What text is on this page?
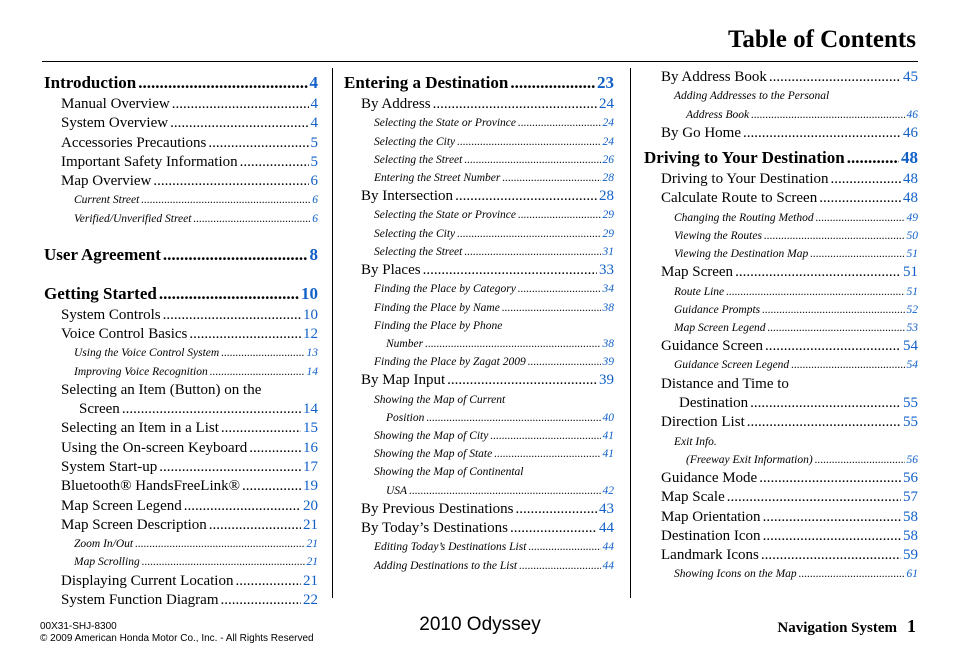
Table of Contents
Introduction .....	4
Manual Overview .....	4
System Overview .....	4
Accessories Precautions .....	5
Important Safety Information .....	5
Map Overview .....	6
Current Street .....	6
Verified/Unverified Street .....	6
User Agreement .....	8
Getting Started .....	10
System Controls .....	10
Voice Control Basics .....	12
Using the Voice Control System .....	13
Improving Voice Recognition .....	14
Selecting an Item (Button) on the
Screen .....	14
Selecting an Item in a List .....	15
Using the On-screen Keyboard .....	16
System Start-up .....	17
Bluetooth® HandsFreeLink® .....	19
Map Screen Legend .....	20
Map Screen Description .....	21
Zoom In/Out .....	21
Map Scrolling .....	21
Displaying Current Location .....	21
System Function Diagram .....	22
Entering a Destination .....	23
By Address .....	24
Selecting the State or Province .....	24
Selecting the City .....	24
Selecting the Street .....	26
Entering the Street Number .....	28
By Intersection .....	28
Selecting the State or Province .....	29
Selecting the City .....	29
Selecting the Street .....	31
By Places .....	33
Finding the Place by Category .....	34
Finding the Place by Name .....	38
Finding the Place by Phone
Number .....	38
Finding the Place by Zagat 2009 .....	39
By Map Input .....	39
Showing the Map of Current
Position .....	40
Showing the Map of City .....	41
Showing the Map of State .....	41
Showing the Map of Continental
USA .....	42
By Previous Destinations .....	43
By Today’s Destinations .....	44
Editing Today’s Destinations List .....	44
Adding Destinations to the List .....	44
By Address Book .....	45
Adding Addresses to the Personal
Address Book .....	46
By Go Home .....	46
Driving to Your Destination .....	48
Driving to Your Destination .....	48
Calculate Route to Screen .....	48
Changing the Routing Method .....	49
Viewing the Routes .....	50
Viewing the Destination Map .....	51
Map Screen .....	51
Route Line .....	51
Guidance Prompts .....	52
Map Screen Legend .....	53
Guidance Screen .....	54
Guidance Screen Legend .....	54
Distance and Time to
Destination .....	55
Direction List .....	55
Exit Info.
(Freeway Exit Information) .....	56
Guidance Mode .....	56
Map Scale .....	57
Map Orientation .....	58
Destination Icon .....	58
Landmark Icons .....	59
Showing Icons on the Map .....	61
00X31-SHJ-8300
© 2009 American Honda Motor Co., Inc. - All Rights Reserved
2010 Odyssey	Navigation System 1
